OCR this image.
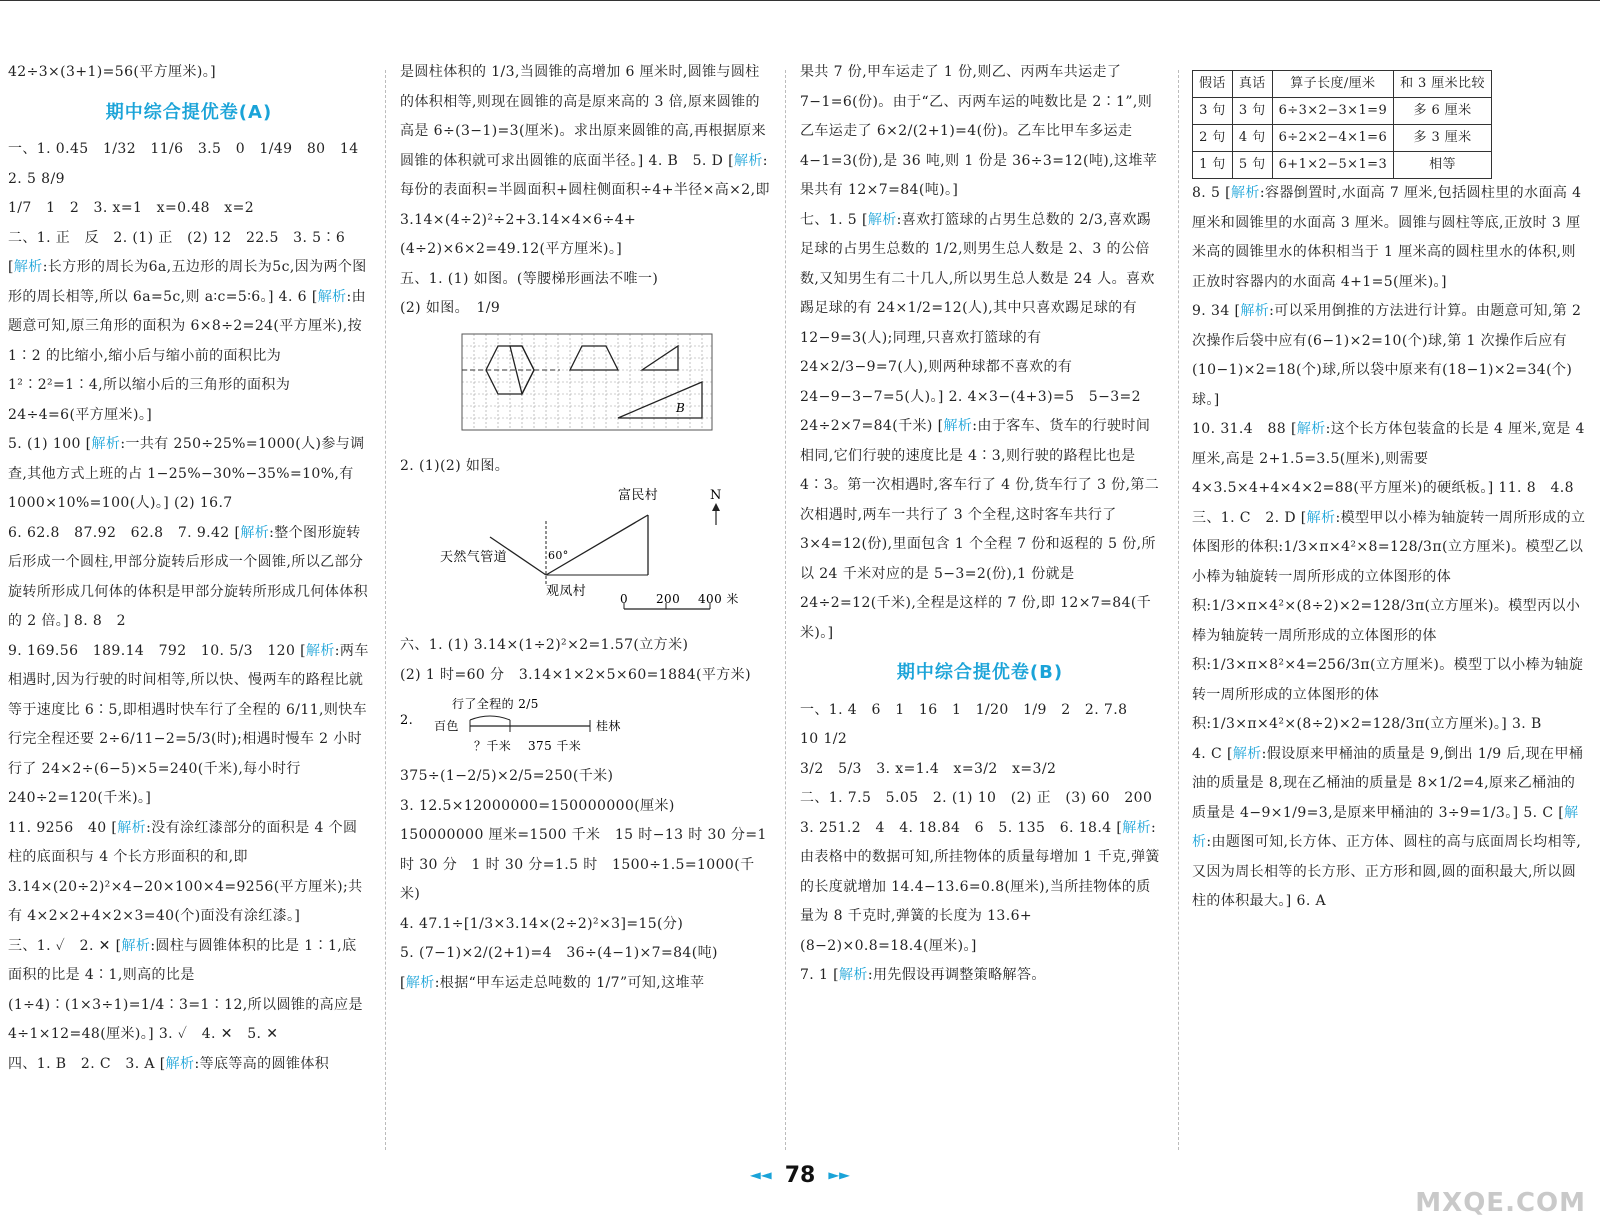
42÷3×(3+1)=56(平方厘米)。]

期中综合提优卷(A)

一、1. 0.45　1/32　11/6　3.5　0　1/49　80　14　2. 5 8/9

1/7　1　2　3. x=1　x=0.48　x=2

二、1. 正　反　2. (1) 正　(2) 12　22.5　3. 5∶6

[解析:长方形的周长为6a,五边形的周长为5c,因为两个图形的周长相等,所以 6a=5c,则 a∶c=5∶6。] 4. 6 [解析:由题意可知,原三角形的面积为 6×8÷2=24(平方厘米),按 1∶2 的比缩小,缩小后与缩小前的面积比为 1²∶2²=1∶4,所以缩小后的三角形的面积为 24÷4=6(平方厘米)。]

5. (1) 100 [解析:一共有 250÷25%=1000(人)参与调查,其他方式上班的占 1−25%−30%−35%=10%,有 1000×10%=100(人)。] (2) 16.7

6. 62.8　87.92　62.8　7. 9.42 [解析:整个图形旋转后形成一个圆柱,甲部分旋转后形成一个圆锥,所以乙部分旋转所形成几何体的体积是甲部分旋转所形成几何体体积的 2 倍。] 8. 8　2

9. 169.56　189.14　792　10. 5/3　120 [解析:两车相遇时,因为行驶的时间相等,所以快、慢两车的路程比就等于速度比 6∶5,即相遇时快车行了全程的 6/11,则快车行完全程还要 2÷6/11−2=5/3(时);相遇时慢车 2 小时行了 24×2÷(6−5)×5=240(千米),每小时行 240÷2=120(千米)。]

11. 9256　40 [解析:没有涂红漆部分的面积是 4 个圆柱的底面积与 4 个长方形面积的和,即 3.14×(20÷2)²×4−20×100×4=9256(平方厘米);共有 4×2×2+4×2×3=40(个)面没有涂红漆。]

三、1. ✓　2. ✕ [解析:圆柱与圆锥体积的比是 1∶1,底面积的比是 4∶1,则高的比是(1÷4)∶(1×3÷1)=1/4∶3=1∶12,所以圆锥的高应是 4÷1×12=48(厘米)。] 3. ✓　4. ✕　5. ✕

四、1. B　2. C　3. A [解析:等底等高的圆锥体积

是圆柱体积的 1/3,当圆锥的高增加 6 厘米时,圆锥与圆柱的体积相等,则现在圆锥的高是原来高的 3 倍,原来圆锥的高是 6÷(3−1)=3(厘米)。求出原来圆锥的高,再根据原来圆锥的体积就可求出圆锥的底面半径。] 4. B　5. D [解析:每份的表面积=半圆面积+圆柱侧面积÷4+半径×高×2,即 3.14×(4÷2)²÷2+3.14×4×6÷4+(4÷2)×6×2=49.12(平方厘米)。]

五、1. (1) 如图。(等腰梯形画法不唯一)

(2) 如图。　1/9

B

2. (1)(2) 如图。

富民村	N
天然气管道	60°
观凤村	0 200 400 米

六、1. (1) 3.14×(1÷2)²×2=1.57(立方米)

(2) 1 时=60 分　3.14×1×2×5×60=1884(平方米)

2.
行了全程的 2/5
百色	桂林
？千米 375 千米

375÷(1−2/5)×2/5=250(千米)

3. 12.5×12000000=150000000(厘米)

150000000 厘米=1500 千米　15 时−13 时 30 分=1 时 30 分　1 时 30 分=1.5 时　1500÷1.5=1000(千米)

4. 47.1÷[1/3×3.14×(2÷2)²×3]=15(分)

5. (7−1)×2/(2+1)=4　36÷(4−1)×7=84(吨)

[解析:根据“甲车运走总吨数的 1/7”可知,这堆苹

果共 7 份,甲车运走了 1 份,则乙、丙两车共运走了 7−1=6(份)。由于“乙、丙两车运的吨数比是 2∶1”,则乙车运走了 6×2/(2+1)=4(份)。乙车比甲车多运走 4−1=3(份),是 36 吨,则 1 份是 36÷3=12(吨),这堆苹果共有 12×7=84(吨)。]

七、1. 5 [解析:喜欢打篮球的占男生总数的 2/3,喜欢踢足球的占男生总数的 1/2,则男生总人数是 2、3 的公倍数,又知男生有二十几人,所以男生总人数是 24 人。喜欢踢足球的有 24×1/2=12(人),其中只喜欢踢足球的有 12−9=3(人);同理,只喜欢打篮球的有 24×2/3−9=7(人),则两种球都不喜欢的有 24−9−3−7=5(人)。] 2. 4×3−(4+3)=5　5−3=2　24÷2×7=84(千米) [解析:由于客车、货车的行驶时间相同,它们行驶的速度比是 4∶3,则行驶的路程比也是 4∶3。第一次相遇时,客车行了 4 份,货车行了 3 份,第二次相遇时,两车一共行了 3 个全程,这时客车共行了 3×4=12(份),里面包含 1 个全程 7 份和返程的 5 份,所以 24 千米对应的是 5−3=2(份),1 份就是 24÷2=12(千米),全程是这样的 7 份,即 12×7=84(千米)。]

期中综合提优卷(B)

一、1. 4　6　1　16　1　1/20　1/9　2　2. 7.8　10 1/2

3/2　5/3　3. x=1.4　x=3/2　x=3/2

二、1. 7.5　5.05　2. (1) 10　(2) 正　(3) 60　200

3. 251.2　4　4. 18.84　6　5. 135　6. 18.4 [解析:由表格中的数据可知,所挂物体的质量每增加 1 千克,弹簧的长度就增加 14.4−13.6=0.8(厘米),当所挂物体的质量为 8 千克时,弹簧的长度为 13.6+(8−2)×0.8=18.4(厘米)。]

7. 1 [解析:用先假设再调整策略解答。

假话	真话	算子长度/厘米	和 3 厘米比较
3 句	3 句	6÷3×2−3×1=9	多 6 厘米
2 句	4 句	6÷2×2−4×1=6	多 3 厘米
1 句	5 句	6+1×2−5×1=3	相等

8. 5 [解析:容器倒置时,水面高 7 厘米,包括圆柱里的水面高 4 厘米和圆锥里的水面高 3 厘米。圆锥与圆柱等底,正放时 3 厘米高的圆锥里水的体积相当于 1 厘米高的圆柱里水的体积,则正放时容器内的水面高 4+1=5(厘米)。]

9. 34 [解析:可以采用倒推的方法进行计算。由题意可知,第 2 次操作后袋中应有(6−1)×2=10(个)球,第 1 次操作后应有(10−1)×2=18(个)球,所以袋中原来有(18−1)×2=34(个)球。]

10. 31.4　88 [解析:这个长方体包装盒的长是 4 厘米,宽是 4 厘米,高是 2+1.5=3.5(厘米),则需要 4×3.5×4+4×4×2=88(平方厘米)的硬纸板。] 11. 8　4.8

三、1. C　2. D [解析:模型甲以小棒为轴旋转一周所形成的立体图形的体积:1/3×π×4²×8=128/3π(立方厘米)。模型乙以小棒为轴旋转一周所形成的立体图形的体积:1/3×π×4²×(8÷2)×2=128/3π(立方厘米)。模型丙以小棒为轴旋转一周所形成的立体图形的体积:1/3×π×8²×4=256/3π(立方厘米)。模型丁以小棒为轴旋转一周所形成的立体图形的体积:1/3×π×4²×(8÷2)×2=128/3π(立方厘米)。] 3. B

4. C [解析:假设原来甲桶油的质量是 9,倒出 1/9 后,现在甲桶油的质量是 8,现在乙桶油的质量是 8×1/2=4,原来乙桶油的质量是 4−9×1/9=3,是原来甲桶油的 3÷9=1/3。] 5. C [解析:由题图可知,长方体、正方体、圆柱的高与底面周长均相等,又因为周长相等的长方形、正方形和圆,圆的面积最大,所以圆柱的体积最大。] 6. A

◄◄ 78 ►►
MXQE.COM
